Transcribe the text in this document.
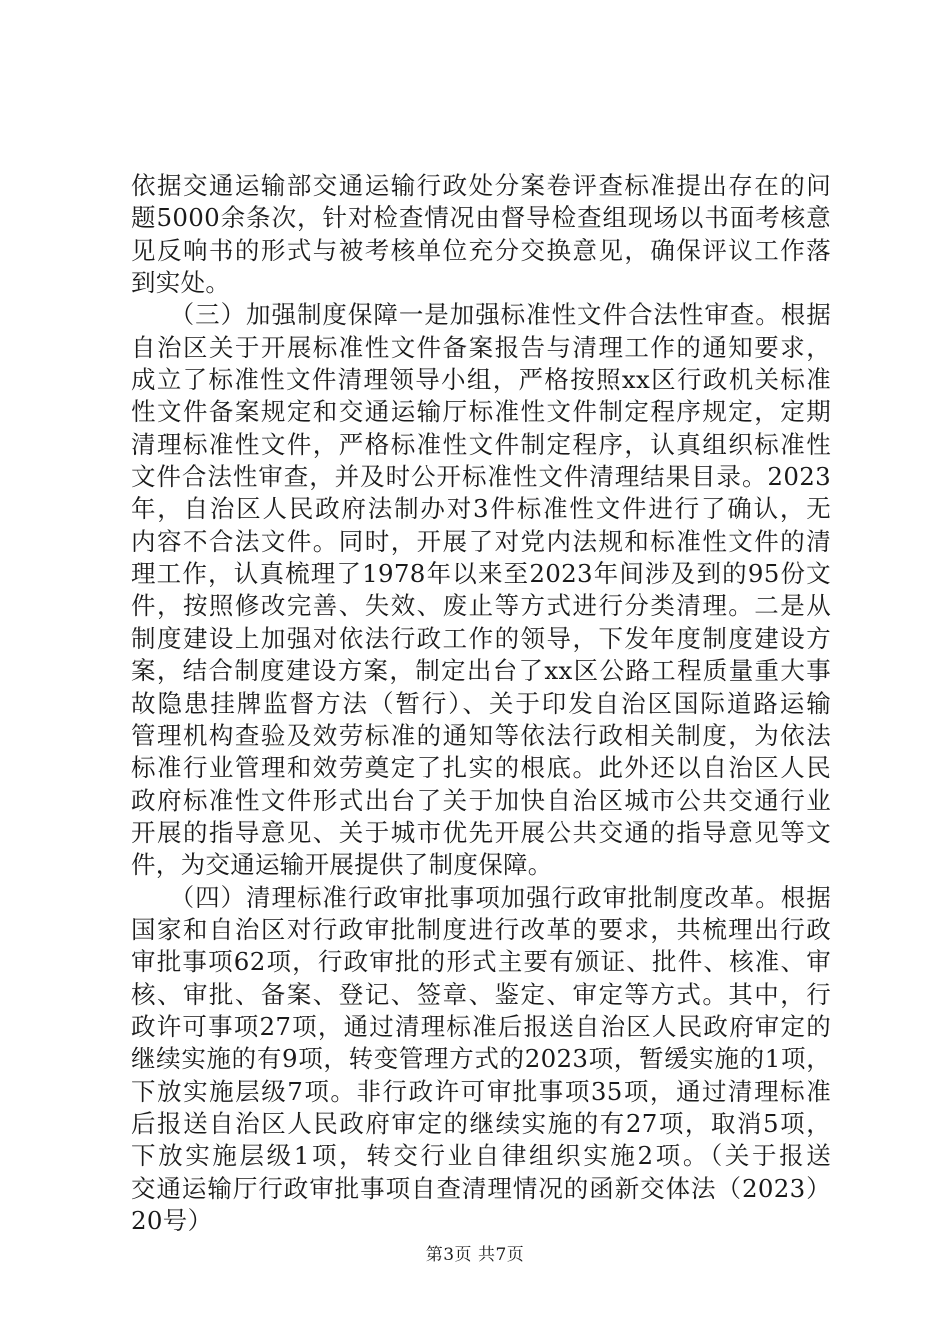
依据交通运输部交通运输行政处分案卷评查标准提出存在的问
题5000余条次，针对检查情况由督导检查组现场以书面考核意
见反响书的形式与被考核单位充分交换意见，确保评议工作落
到实处。
　　（三）加强制度保障一是加强标准性文件合法性审查。根据
自治区关于开展标准性文件备案报告与清理工作的通知要求，
成立了标准性文件清理领导小组，严格按照xx区行政机关标准
性文件备案规定和交通运输厅标准性文件制定程序规定，定期
清理标准性文件，严格标准性文件制定程序，认真组织标准性
文件合法性审查，并及时公开标准性文件清理结果目录。2023
年，自治区人民政府法制办对3件标准性文件进行了确认，无
内容不合法文件。同时，开展了对党内法规和标准性文件的清
理工作，认真梳理了1978年以来至2023年间涉及到的95份文
件，按照修改完善、失效、废止等方式进行分类清理。二是从
制度建设上加强对依法行政工作的领导，下发年度制度建设方
案，结合制度建设方案，制定出台了xx区公路工程质量重大事
故隐患挂牌监督方法（暂行）、关于印发自治区国际道路运输
管理机构查验及效劳标准的通知等依法行政相关制度，为依法
标准行业管理和效劳奠定了扎实的根底。此外还以自治区人民
政府标准性文件形式出台了关于加快自治区城市公共交通行业
开展的指导意见、关于城市优先开展公共交通的指导意见等文
件，为交通运输开展提供了制度保障。
　　（四）清理标准行政审批事项加强行政审批制度改革。根据
国家和自治区对行政审批制度进行改革的要求，共梳理出行政
审批事项62项，行政审批的形式主要有颁证、批件、核准、审
核、审批、备案、登记、签章、鉴定、审定等方式。其中，行
政许可事项27项，通过清理标准后报送自治区人民政府审定的
继续实施的有9项，转变管理方式的2023项，暂缓实施的1项，
下放实施层级7项。非行政许可审批事项35项，通过清理标准
后报送自治区人民政府审定的继续实施的有27项，取消5项，
下放实施层级1项，转交行业自律组织实施2项。（关于报送
交通运输厅行政审批事项自查清理情况的函新交体法（2023）
20号）
第3页 共7页
